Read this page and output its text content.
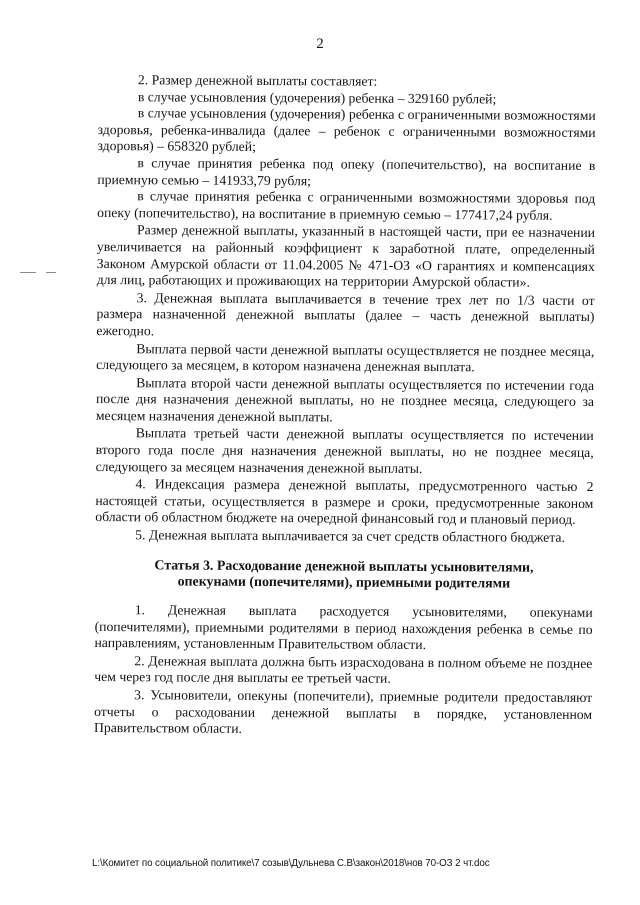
2

2. Размер денежной выплаты составляет:

в случае усыновления (удочерения) ребенка – 329160 рублей;

в случае усыновления (удочерения) ребенка с ограниченными возможностями здоровья, ребенка-инвалида (далее – ребенок с ограниченными возможностями здоровья) – 658320 рублей;

в случае принятия ребенка под опеку (попечительство), на воспитание в приемную семью – 141933,79 рубля;

в случае принятия ребенка с ограниченными возможностями здоровья под опеку (попечительство), на воспитание в приемную семью – 177417,24 рубля.

Размер денежной выплаты, указанный в настоящей части, при ее назначении увеличивается на районный коэффициент к заработной плате, определенный Законом Амурской области от 11.04.2005 № 471-ОЗ «О гарантиях и компенсациях для лиц, работающих и проживающих на территории Амурской области».

3. Денежная выплата выплачивается в течение трех лет по 1/3 части от размера назначенной денежной выплаты (далее – часть денежной выплаты) ежегодно.

Выплата первой части денежной выплаты осуществляется не позднее месяца, следующего за месяцем, в котором назначена денежная выплата.

Выплата второй части денежной выплаты осуществляется по истечении года после дня назначения денежной выплаты, но не позднее месяца, следующего за месяцем назначения денежной выплаты.

Выплата третьей части денежной выплаты осуществляется по истечении второго года после дня назначения денежной выплаты, но не позднее месяца, следующего за месяцем назначения денежной выплаты.

4. Индексация размера денежной выплаты, предусмотренного частью 2 настоящей статьи, осуществляется в размере и сроки, предусмотренные законом области об областном бюджете на очередной финансовый год и плановый период.

5. Денежная выплата выплачивается за счет средств областного бюджета.

Статья 3. Расходование денежной выплаты усыновителями,
опекунами (попечителями), приемными родителями

1. Денежная выплата расходуется усыновителями, опекунами (попечителями), приемными родителями в период нахождения ребенка в семье по направлениям, установленным Правительством области.

2. Денежная выплата должна быть израсходована в полном объеме не позднее чем через год после дня выплаты ее третьей части.

3. Усыновители, опекуны (попечители), приемные родители предоставляют отчеты о расходовании денежной выплаты в порядке, установленном Правительством области.

L:\Комитет по социальной политике\7 созыв\Дульнева С.В\закон\2018\нов 70-ОЗ 2 чт.doc
